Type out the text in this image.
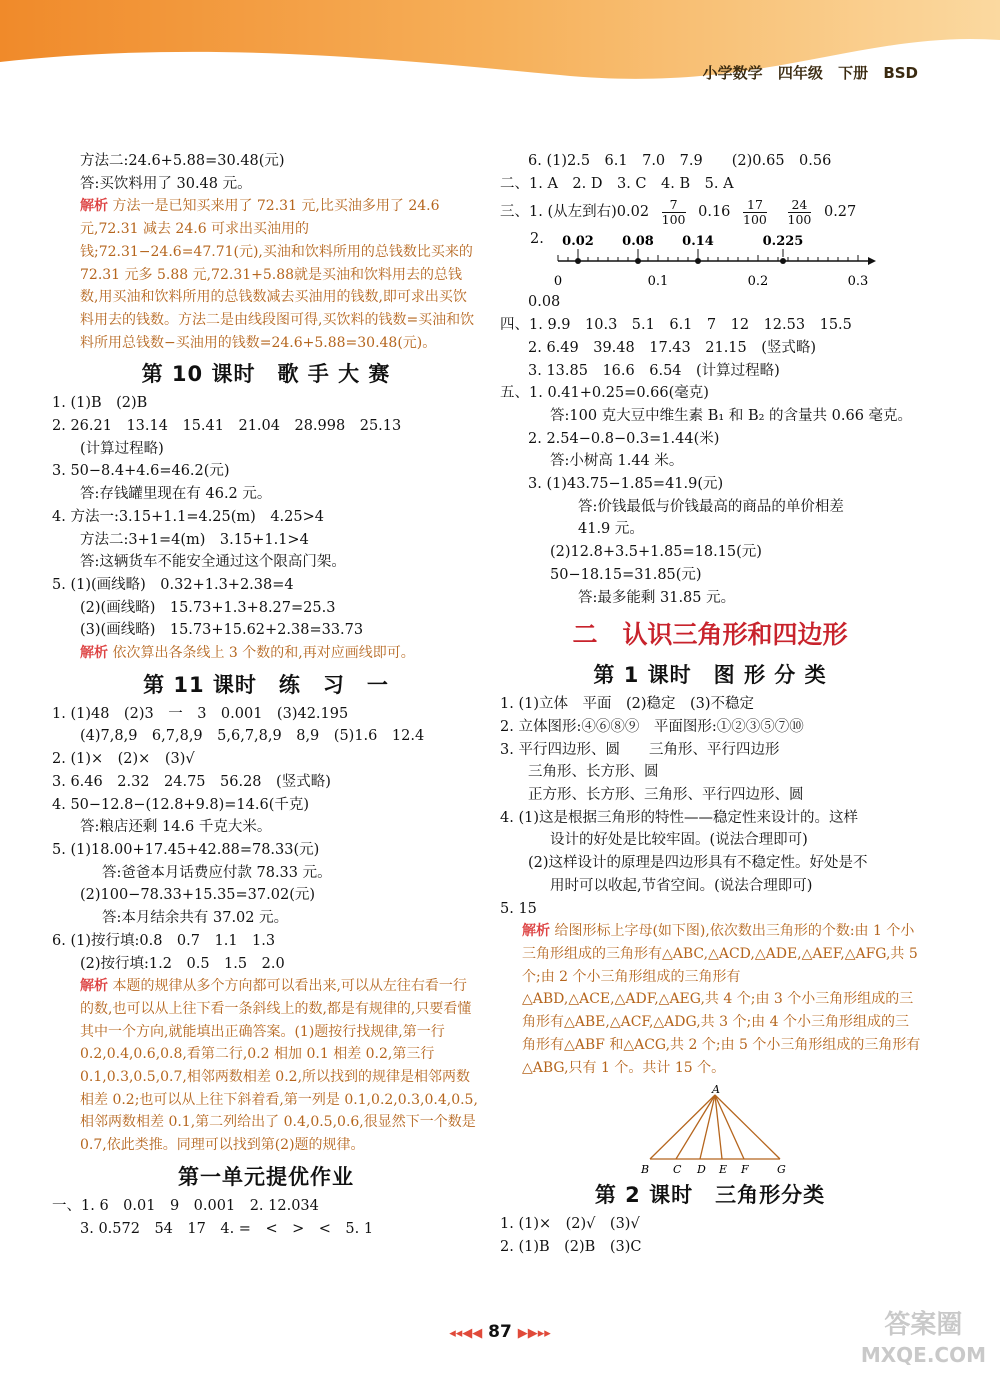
小学数学 四年级 下册 BSD
方法二:24.6+5.88=30.48(元)
答:买饮料用了 30.48 元。
解析 方法一是已知买来用了 72.31 元,比买油多用了 24.6 元,72.31 减去 24.6 可求出买油用的钱;72.31−24.6=47.71(元),买油和饮料所用的总钱数比买来的 72.31 元多 5.88 元,72.31+5.88就是买油和饮料用去的总钱数,用买油和饮料所用的总钱数减去买油用的钱数,即可求出买饮料用去的钱数。方法二是由线段图可得,买饮料的钱数=买油和饮料所用总钱数−买油用的钱数=24.6+5.88=30.48(元)。
第 10 课时　歌 手 大 赛
1. (1)B　(2)B
2. 26.21　13.14　15.41　21.04　28.998　25.13
(计算过程略)
3. 50−8.4+4.6=46.2(元)
答:存钱罐里现在有 46.2 元。
4. 方法一:3.15+1.1=4.25(m)　4.25>4
方法二:3+1=4(m)　3.15+1.1>4
答:这辆货车不能安全通过这个限高门架。
5. (1)(画线略)　0.32+1.3+2.38=4
(2)(画线略)　15.73+1.3+8.27=25.3
(3)(画线略)　15.73+15.62+2.38=33.73
解析 依次算出各条线上 3 个数的和,再对应画线即可。
第 11 课时　练　习　一
1. (1)48　(2)3　一　3　0.001　(3)42.195
(4)7,8,9　6,7,8,9　5,6,7,8,9　8,9　(5)1.6　12.4
2. (1)×　(2)×　(3)√
3. 6.46　2.32　24.75　56.28　(竖式略)
4. 50−12.8−(12.8+9.8)=14.6(千克)
答:粮店还剩 14.6 千克大米。
5. (1)18.00+17.45+42.88=78.33(元)
答:爸爸本月话费应付款 78.33 元。
(2)100−78.33+15.35=37.02(元)
答:本月结余共有 37.02 元。
6. (1)按行填:0.8　0.7　1.1　1.3
(2)按行填:1.2　0.5　1.5　2.0
解析 本题的规律从多个方向都可以看出来,可以从左往右看一行的数,也可以从上往下看一条斜线上的数,都是有规律的,只要看懂其中一个方向,就能填出正确答案。(1)题按行找规律,第一行 0.2,0.4,0.6,0.8,看第二行,0.2 相加 0.1 相差 0.2,第三行 0.1,0.3,0.5,0.7,相邻两数相差 0.2,所以找到的规律是相邻两数相差 0.2;也可以从上往下斜着看,第一列是 0.1,0.2,0.3,0.4,0.5,相邻两数相差 0.1,第二列给出了 0.4,0.5,0.6,很显然下一个数是 0.7,依此类推。同理可以找到第(2)题的规律。
第一单元提优作业
一、1. 6　0.01　9　0.001　2. 12.034
3. 0.572　54　17　4. =　<　>　<　5. 1
6. (1)2.5　6.1　7.0　7.9　　(2)0.65　0.56
二、1. A　2. D　3. C　4. B　5. A
三、1. (从左到右)$0.02 \frac{7}{100} 0.16 \frac{17}{100}$
$\frac{24}{100} 0.27$
2.
0	0.1	0.2	0.3
0.02 0.08 0.14	0.225
0.08
四、1. 9.9　10.3　5.1　6.1　7　12　12.53　15.5
2. 6.49　39.48　17.43　21.15　(竖式略)
3. 13.85　16.6　6.54　(计算过程略)
五、1. 0.41+0.25=0.66(毫克)
答:100 克大豆中维生素 B₁ 和 B₂ 的含量共 0.66 毫克。
2. 2.54−0.8−0.3=1.44(米)
答:小树高 1.44 米。
3. (1)43.75−1.85=41.9(元)
答:价钱最低与价钱最高的商品的单价相差
41.9 元。
(2)12.8+3.5+1.85=18.15(元)
50−18.15=31.85(元)
答:最多能剩 31.85 元。
二　认识三角形和四边形
第 1 课时　图 形 分 类
1. (1)立体　平面　(2)稳定　(3)不稳定
2. 立体图形:④⑥⑧⑨　平面图形:①②③⑤⑦⑩
3. 平行四边形、圆　　三角形、平行四边形
三角形、长方形、圆
正方形、长方形、三角形、平行四边形、圆
4. (1)这是根据三角形的特性——稳定性来设计的。这样
设计的好处是比较牢固。(说法合理即可)
(2)这样设计的原理是四边形具有不稳定性。好处是不
用时可以收起,节省空间。(说法合理即可)
5. 15
解析 给图形标上字母(如下图),依次数出三角形的个数:由 1 个小三角形组成的三角形有△ABC,△ACD,△ADE,△AEF,△AFG,共 5 个;由 2 个小三角形组成的三角形有△ABD,△ACE,△ADF,△AEG,共 4 个;由 3 个小三角形组成的三角形有△ABE,△ACF,△ADG,共 3 个;由 4 个小三角形组成的三角形有△ABF 和△ACG,共 2 个;由 5 个小三角形组成的三角形有△ABG,只有 1 个。共计 15 个。
A
B C D E F	G
第 2 课时　三角形分类
1. (1)×　(2)√　(3)√
2. (1)B　(2)B　(3)C
◂◂◀◀ 87 ▶▶▸▸	答案圈
MXQE.COM
